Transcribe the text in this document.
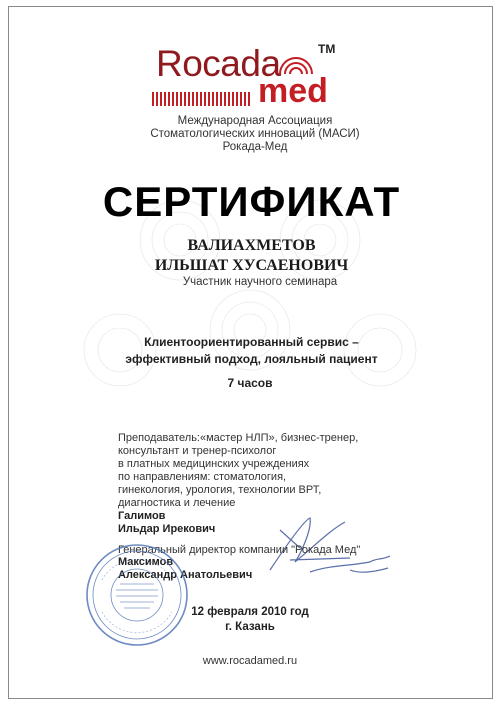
Rocada	TM
med
Международная Ассоциация
Стоматологических инноваций (МАСИ)
Рокада-Мед
СЕРТИФИКАТ
ВАЛИАХМЕТОВ
ИЛЬШАТ ХУСАЕНОВИЧ
Участник научного семинара
Клиентоориентированный сервис –
эффективный подход, лояльный пациент
7 часов
Преподаватель:«мастер НЛП», бизнес-тренер,
консультант и тренер-психолог
в платных медицинских учреждениях
по направлениям: стоматология,
гинекология, урология, технологии ВРТ,
диагностика и лечение
Галимов
Ильдар Ирекович
Генеральный директор компании "Рокада Мед"
Максимов
Александр Анатольевич
12 февраля 2010 год
г. Казань
www.rocadamed.ru
